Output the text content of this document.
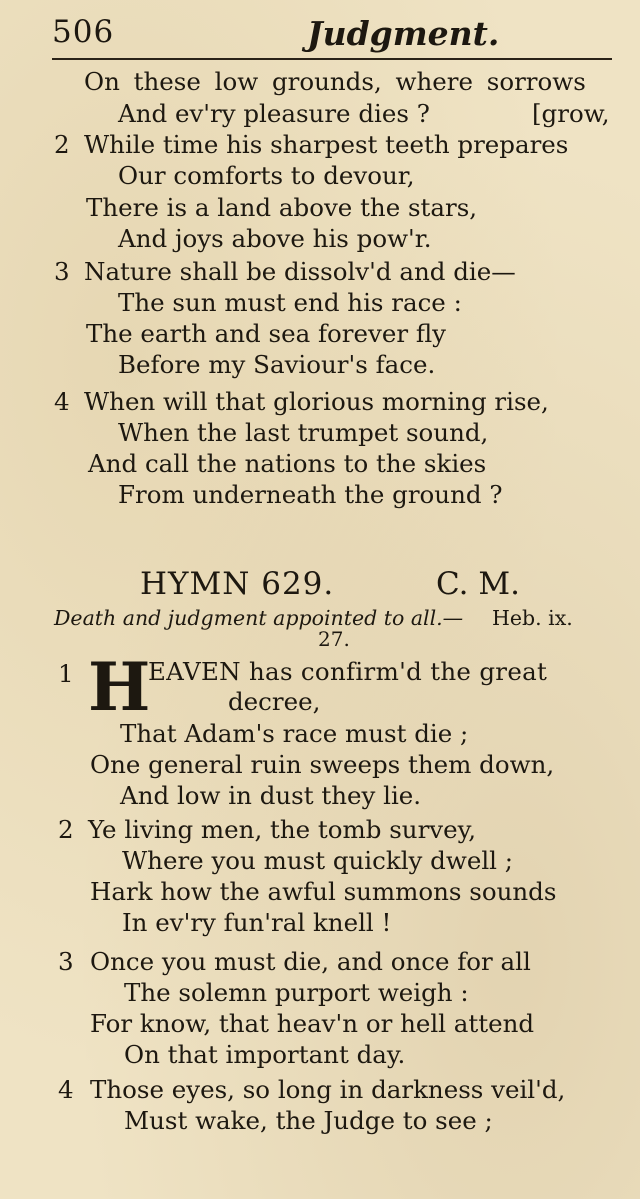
506	Judgment.
On these low grounds, where sorrows
And ev'ry pleasure dies ?	[grow,
2 While time his sharpest teeth prepares
Our comforts to devour,
There is a land above the stars,
And joys above his pow'r.
3 Nature shall be dissolv'd and die—
The sun must end his race :
The earth and sea forever fly
Before my Saviour's face.
4 When will that glorious morning rise,
When the last trumpet sound,
And call the nations to the skies
From underneath the ground ?
HYMN 629.	C. M.
Death and judgment appointed to all.— Heb. ix.
27.
1 H
EAVEN has confirm'd the great
decree,
That Adam's race must die ;
One general ruin sweeps them down,
And low in dust they lie.
2 Ye living men, the tomb survey,
Where you must quickly dwell ;
Hark how the awful summons sounds
In ev'ry fun'ral knell !
3 Once you must die, and once for all
The solemn purport weigh :
For know, that heav'n or hell attend
On that important day.
4 Those eyes, so long in darkness veil'd,
Must wake, the Judge to see ;
